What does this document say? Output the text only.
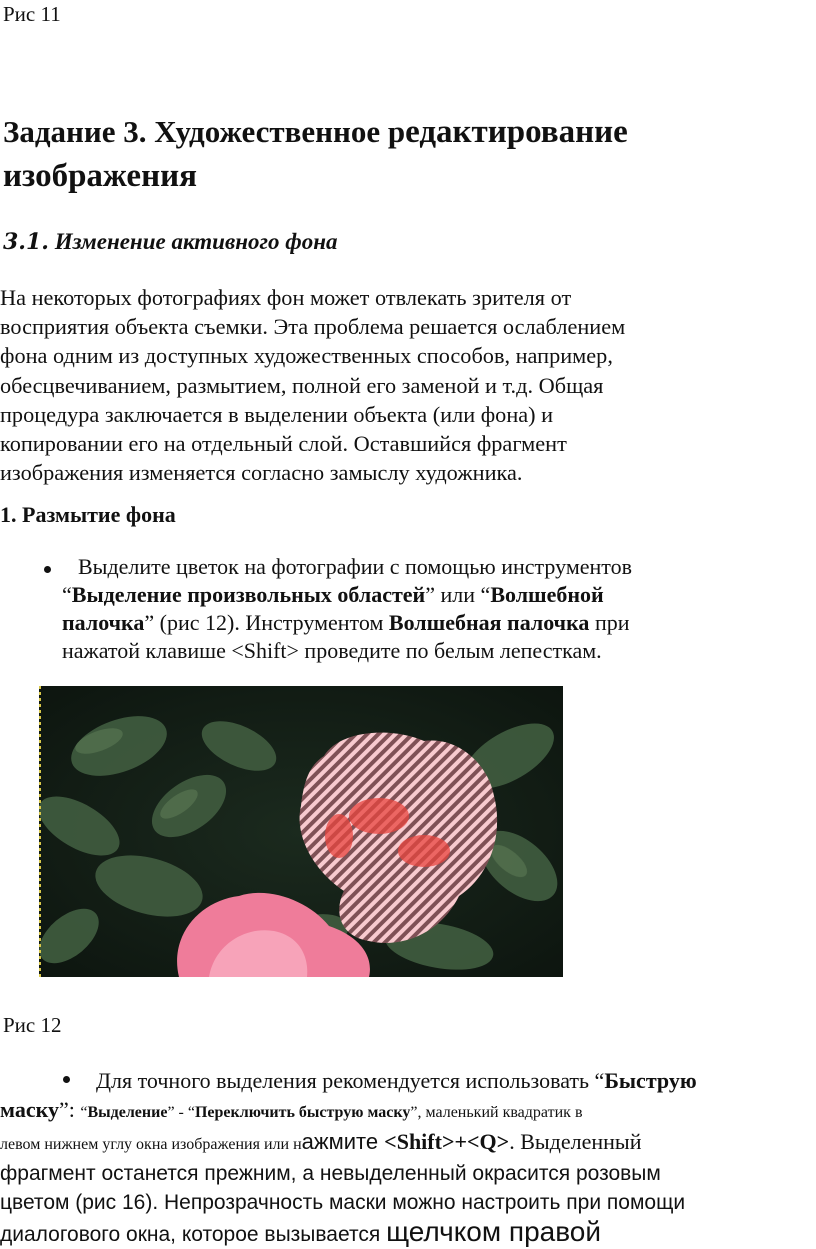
Рис 11
Задание 3. Художественное редактирование
изображения
3.1. Изменение активного фона
На некоторых фотографиях фон может отвлекать зрителя от
восприятия объекта съемки. Эта проблема решается ослаблением
фона одним из доступных художественных способов, например,
обесцвечиванием, размытием, полной его заменой и т.д. Общая
процедура заключается в выделении объекта (или фона) и
копировании его на отдельный слой. Оставшийся фрагмент
изображения изменяется согласно замыслу художника.
1. Размытие фона
Выделите цветок на фотографии с помощью инструментов
“Выделение произвольных областей” или “Волшебной
палочка” (рис 12). Инструментом Волшебная палочка при
нажатой клавише <Shift> проведите по белым лепесткам.
Рис 12
Для точного выделения рекомендуется использовать “Быструю
маску”: “Выделение” - “Переключить быструю маску”, маленький квадратик в
левом нижнем углу окна изображения или нажмите <Shift>+<Q>. Выделенный
фрагмент останется прежним, а невыделенный окрасится розовым
цветом (рис 16). Непрозрачность маски можно настроить при помощи
диалогового окна, которое вызывается щелчком правой
